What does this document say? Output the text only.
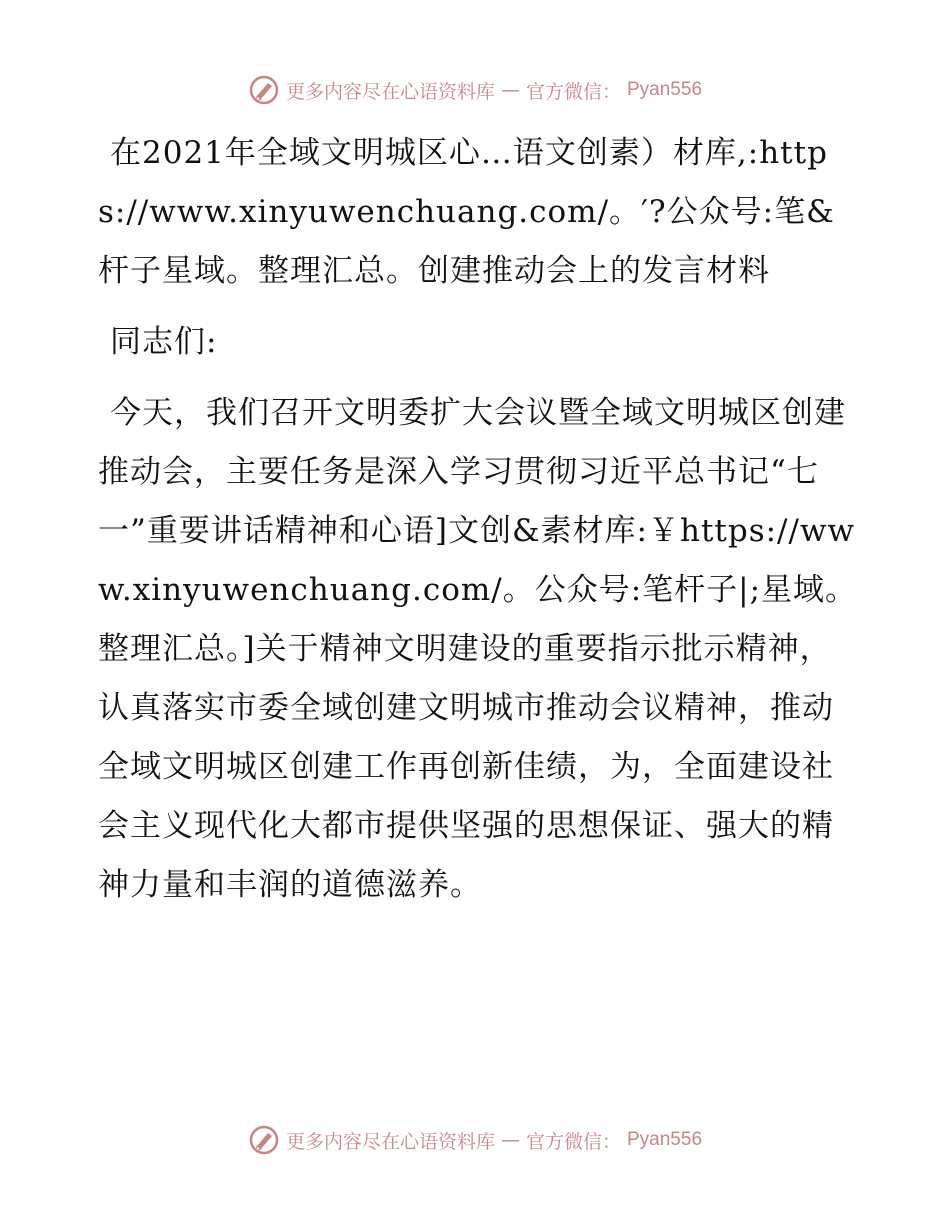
更多内容尽在心语资料库 — 官方微信： Pyan556

在2021年全域文明城区心…语文创素）材库,:https://www.xinyuwenchuang.com/。′?公众号:笔&杆子星域。整理汇总。创建推动会上的发言材料

同志们:

今天，我们召开文明委扩大会议暨全域文明城区创建推动会，主要任务是深入学习贯彻习近平总书记“七一”重要讲话精神和心语]文创&素材库:￥https://www.xinyuwenchuang.com/。公众号:笔杆子|;星域。整理汇总。]关于精神文明建设的重要指示批示精神，认真落实市委全域创建文明城市推动会议精神，推动全域文明城区创建工作再创新佳绩，为，全面建设社会主义现代化大都市提供坚强的思想保证、强大的精神力量和丰润的道德滋养。

更多内容尽在心语资料库 — 官方微信： Pyan556
